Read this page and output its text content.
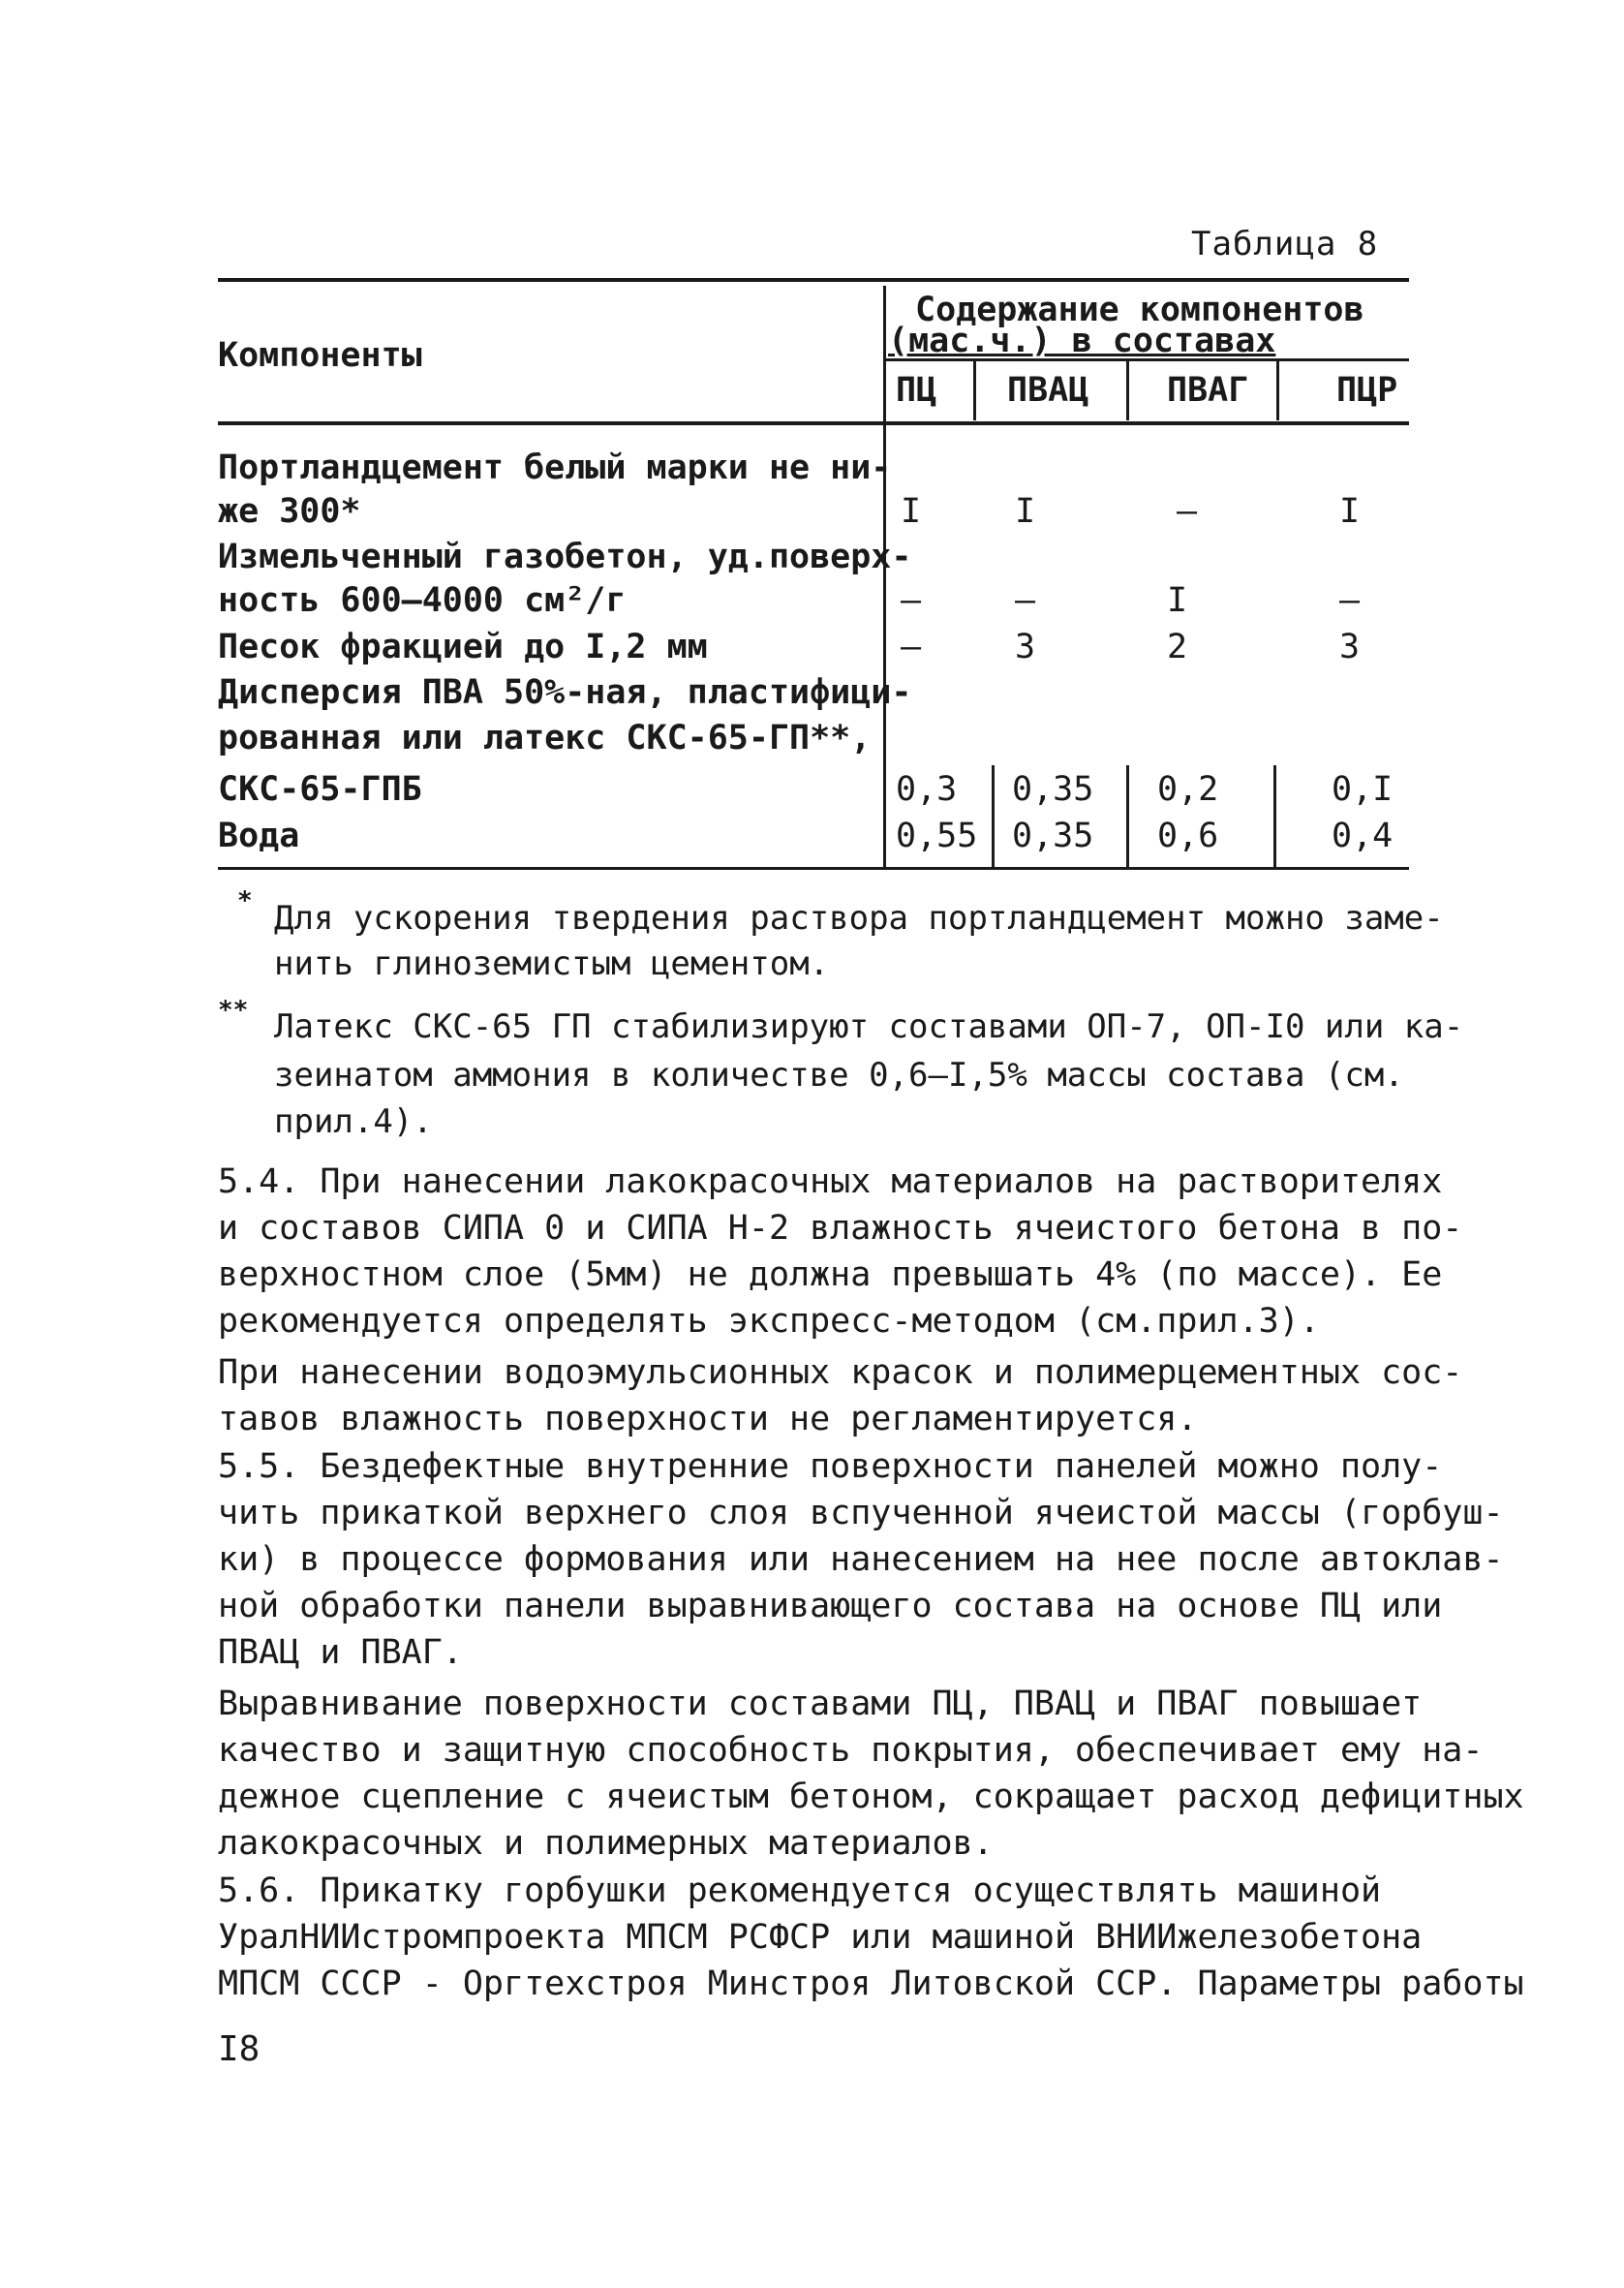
Таблица 8
Компоненты
Содержание компонентов
(мас.ч.) в составах
ПЦ ПВАЦ ПВАГ	ПЦР
Портландцемент белый марки не ни-
же 300*	I	I	–	I
Измельченный газобетон, уд.поверх-
ность 600–4000 см²/г	–	–	I	–
Песок фракцией до I,2 мм	–	3	2	3
Дисперсия ПВА 50%-ная, пластифици-
рованная или латекс СКС-65-ГП**,
СКС-65-ГПБ	0,3 0,35 0,2	0,I
Вода	0,55 0,35 0,6	0,4
* Для ускорения твердения раствора портландцемент можно заме-
нить глиноземистым цементом.
** Латекс СКС-65 ГП стабилизируют составами ОП-7, ОП-I0 или ка-
зеинатом аммония в количестве 0,6–I,5% массы состава (см.
прил.4).
5.4. При нанесении лакокрасочных материалов на растворителях
и составов СИПА 0 и СИПА Н-2 влажность ячеистого бетона в по-
верхностном слое (5мм) не должна превышать 4% (по массе). Ее
рекомендуется определять экспресс-методом (см.прил.3).
При нанесении водоэмульсионных красок и полимерцементных сос-
тавов влажность поверхности не регламентируется.
5.5. Бездефектные внутренние поверхности панелей можно полу-
чить прикаткой верхнего слоя вспученной ячеистой массы (горбуш-
ки) в процессе формования или нанесением на нее после автоклав-
ной обработки панели выравнивающего состава на основе ПЦ или
ПВАЦ и ПВАГ.
Выравнивание поверхности составами ПЦ, ПВАЦ и ПВАГ повышает
качество и защитную способность покрытия, обеспечивает ему на-
дежное сцепление с ячеистым бетоном, сокращает расход дефицитных
лакокрасочных и полимерных материалов.
5.6. Прикатку горбушки рекомендуется осуществлять машиной
УралНИИстромпроекта МПСМ РСФСР или машиной ВНИИжелезобетона
МПСМ СССР - Оргтехстроя Минстроя Литовской ССР. Параметры работы
I8
